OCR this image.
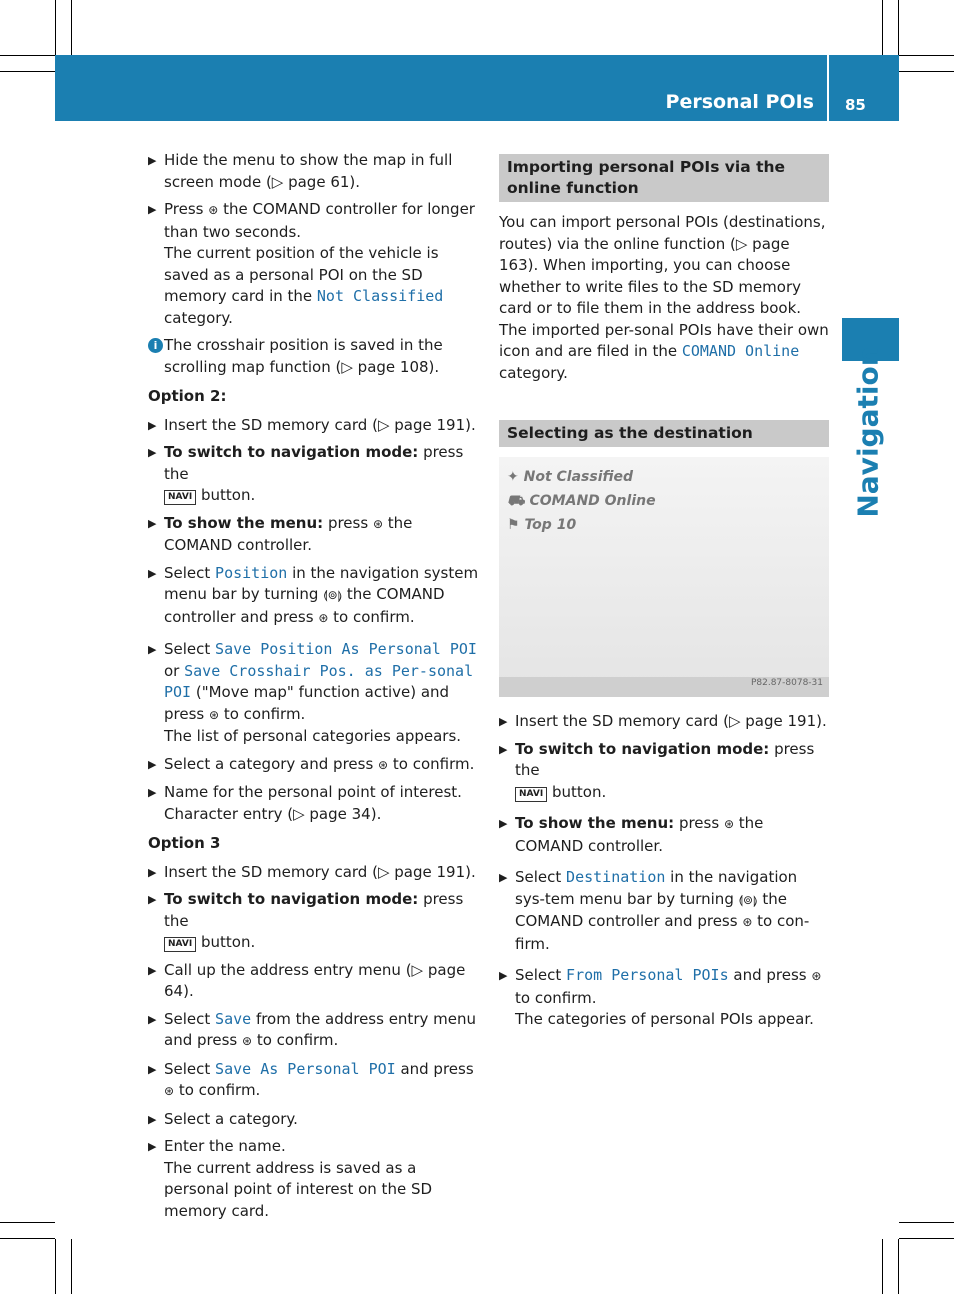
Personal POIs 85
Navigation
▶ Hide the menu to show the map in full screen mode (▷ page 61).
▶ Press ⊛ the COMAND controller for longer than two seconds.
The current position of the vehicle is saved as a personal POI on the SD memory card in the Not Classified category.
i The crosshair position is saved in the scrolling map function (▷ page 108).
Option 2:
▶ Insert the SD memory card (▷ page 191).
▶ To switch to navigation mode: press the
NAVI button.
▶ To show the menu: press ⊛ the COMAND controller.
▶ Select Position in the navigation system menu bar by turning ⟬⊚⟭ the COMAND controller and press ⊛ to confirm.
▶ Select Save Position As Personal POI or Save Crosshair Pos. as Per-sonal POI ("Move map" function active) and press ⊛ to confirm.
The list of personal categories appears.
▶ Select a category and press ⊛ to confirm.
▶ Name for the personal point of interest.
Character entry (▷ page 34).
Option 3
▶ Insert the SD memory card (▷ page 191).
▶ To switch to navigation mode: press the
NAVI button.
▶ Call up the address entry menu (▷ page 64).
▶ Select Save from the address entry menu and press ⊛ to confirm.
▶ Select Save As Personal POI and press ⊛ to confirm.
▶ Select a category.
▶ Enter the name.
The current address is saved as a personal point of interest on the SD memory card.
Importing personal POIs via the online function

You can import personal POIs (destinations, routes) via the online function (▷ page 163). When importing, you can choose whether to write files to the SD memory card or to file them in the address book. The imported per-sonal POIs have their own icon and are filed in the COMAND Online category.

Selecting as the destination
✦ Not Classified
⛟ COMAND Online
⚑ Top 10
P82.87-8078-31
▶ Insert the SD memory card (▷ page 191).
▶ To switch to navigation mode: press the
NAVI button.
▶ To show the menu: press ⊛ the COMAND controller.
▶ Select Destination in the navigation sys-tem menu bar by turning ⟬⊚⟭ the COMAND controller and press ⊛ to con-firm.
▶ Select From Personal POIs and press ⊛ to confirm.
The categories of personal POIs appear.
